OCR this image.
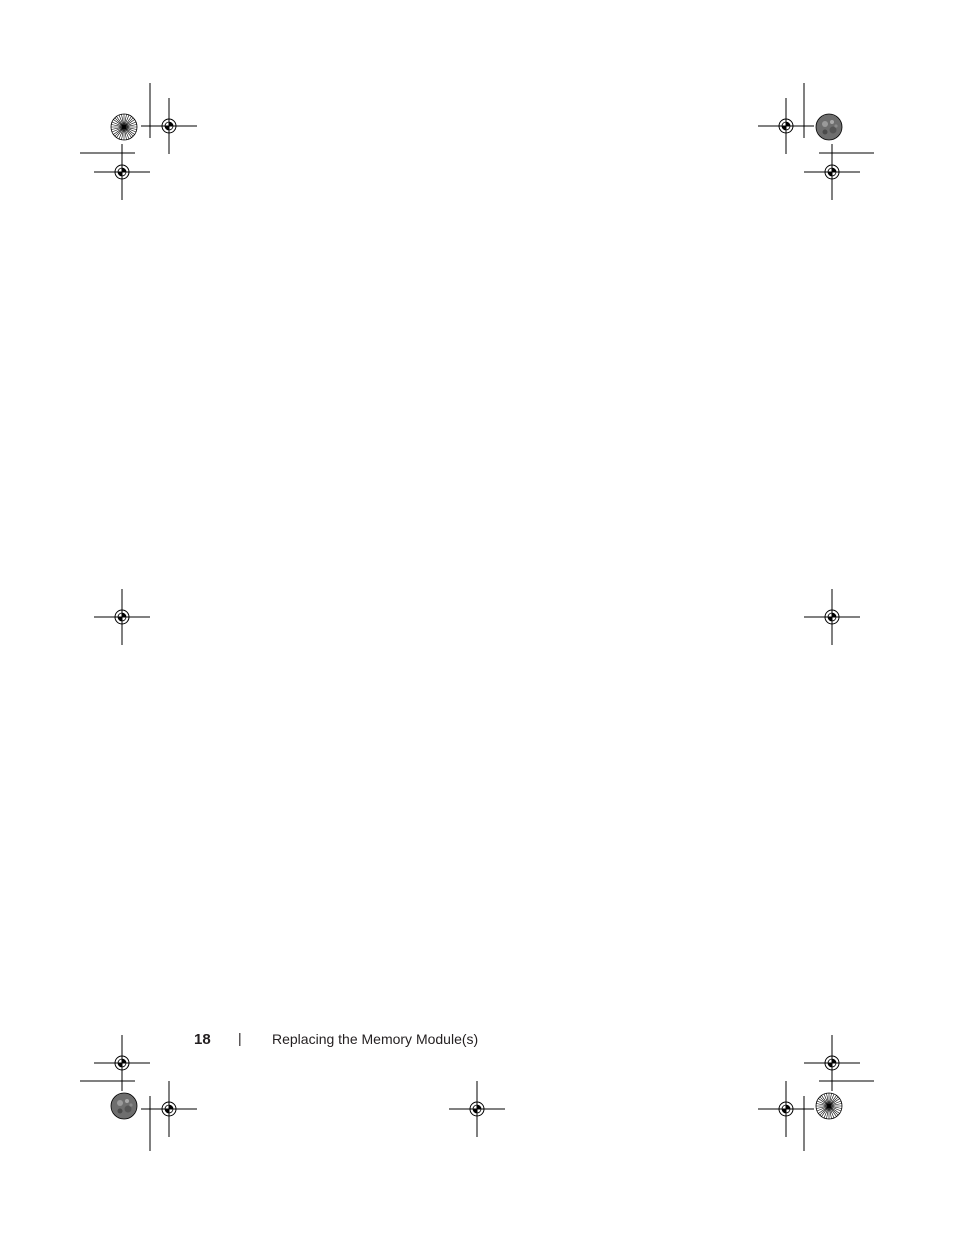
18 | Replacing the Memory Module(s)
